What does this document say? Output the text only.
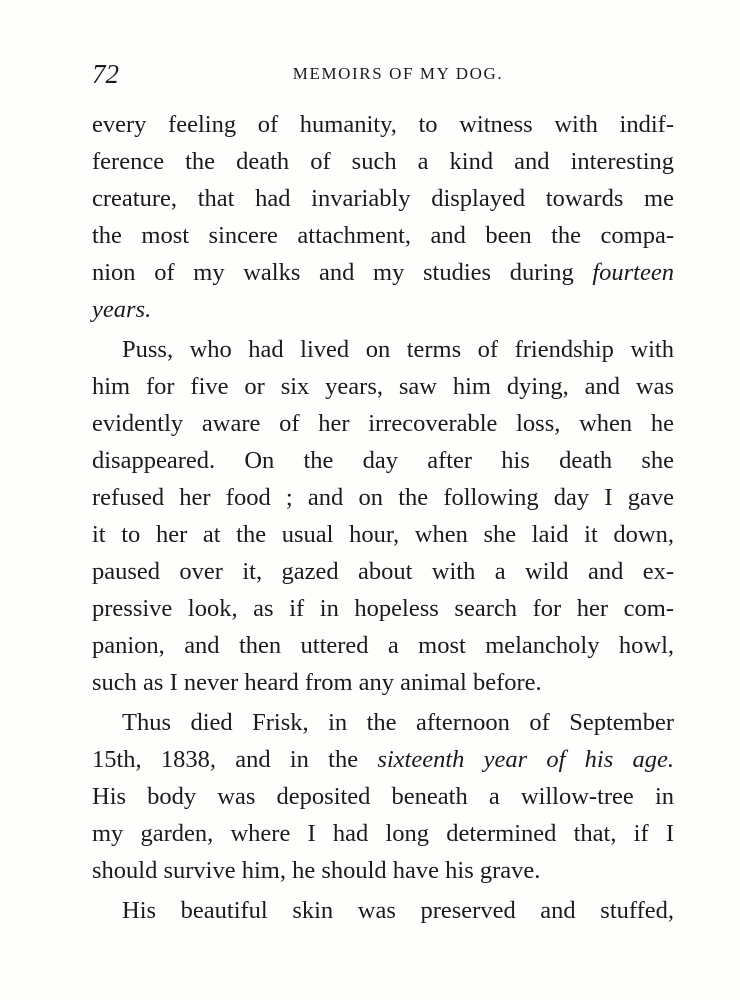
72	MEMOIRS OF MY DOG.
every feeling of humanity, to witness with indif-
ference the death of such a kind and interesting
creature, that had invariably displayed towards me
the most sincere attachment, and been the compa-
nion of my walks and my studies during fourteen
years.
Puss, who had lived on terms of friendship with
him for five or six years, saw him dying, and was
evidently aware of her irrecoverable loss, when he
disappeared. On the day after his death she
refused her food ; and on the following day I gave
it to her at the usual hour, when she laid it down,
paused over it, gazed about with a wild and ex-
pressive look, as if in hopeless search for her com-
panion, and then uttered a most melancholy howl,
such as I never heard from any animal before.
Thus died Frisk, in the afternoon of September
15th, 1838, and in the sixteenth year of his age.
His body was deposited beneath a willow-tree in
my garden, where I had long determined that, if I
should survive him, he should have his grave.
His beautiful skin was preserved and stuffed,
